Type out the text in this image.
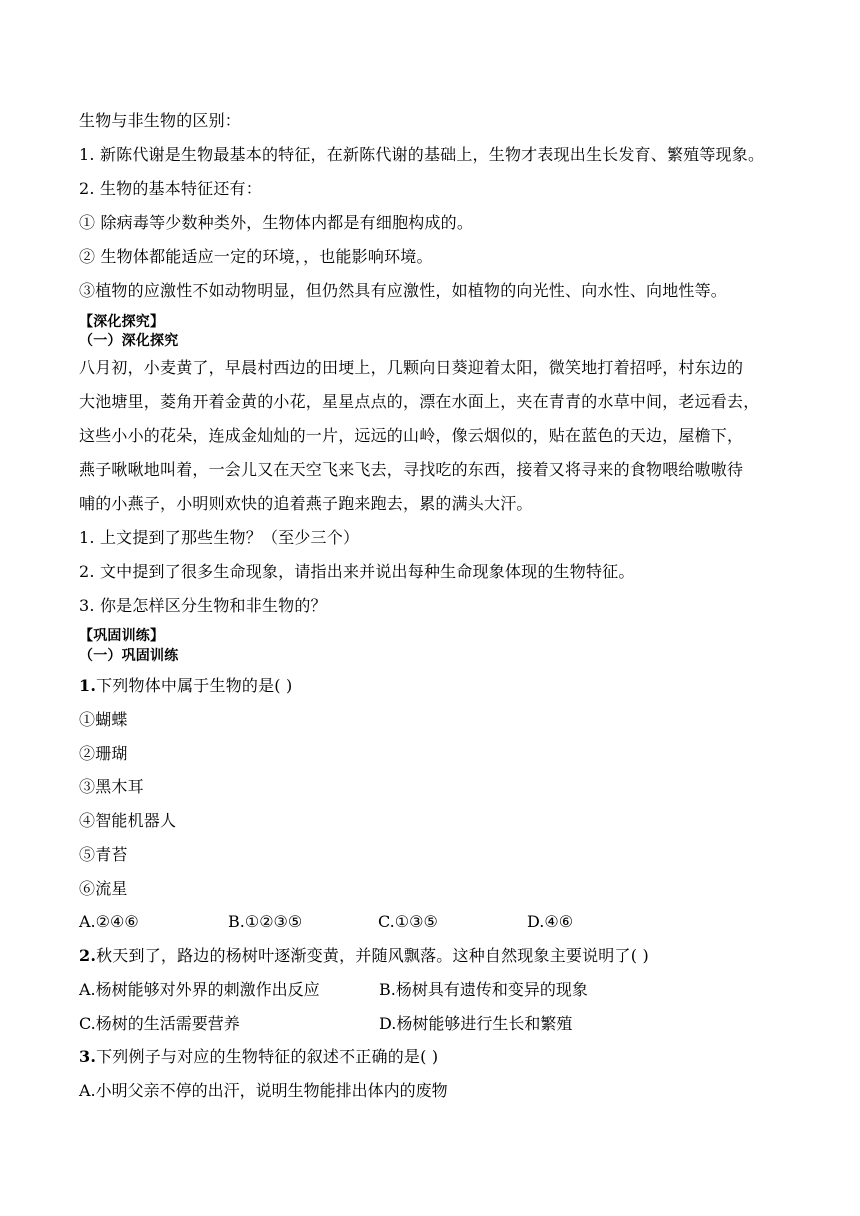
生物与非生物的区别：

1. 新陈代谢是生物最基本的特征，在新陈代谢的基础上，生物才表现出生长发育、繁殖等现象。

2. 生物的基本特征还有：

① 除病毒等少数种类外，生物体内都是有细胞构成的。

② 生物体都能适应一定的环境，，也能影响环境。

③植物的应激性不如动物明显，但仍然具有应激性，如植物的向光性、向水性、向地性等。

【深化探究】

（一）深化探究

八月初，小麦黄了，早晨村西边的田埂上，几颗向日葵迎着太阳，微笑地打着招呼，村东边的

大池塘里，菱角开着金黄的小花，星星点点的，漂在水面上，夹在青青的水草中间，老远看去，

这些小小的花朵，连成金灿灿的一片，远远的山岭，像云烟似的，贴在蓝色的天边，屋檐下，

燕子啾啾地叫着，一会儿又在天空飞来飞去，寻找吃的东西，接着又将寻来的食物喂给嗷嗷待

哺的小燕子，小明则欢快的追着燕子跑来跑去，累的满头大汗。

1. 上文提到了那些生物？（至少三个）

2. 文中提到了很多生命现象，请指出来并说出每种生命现象体现的生物特征。

3. 你是怎样区分生物和非生物的？

【巩固训练】

（一）巩固训练

1.下列物体中属于生物的是( )

①蝴蝶

②珊瑚

③黑木耳

④智能机器人

⑤青苔

⑥流星

A.②④⑥	B.①②③⑤	C.①③⑤	D.④⑥

2.秋天到了，路边的杨树叶逐渐变黄，并随风飘落。这种自然现象主要说明了( )

A.杨树能够对外界的刺激作出反应	B.杨树具有遗传和变异的现象
C.杨树的生活需要营养	D.杨树能够进行生长和繁殖

3.下列例子与对应的生物特征的叙述不正确的是( )

A.小明父亲不停的出汗，说明生物能排出体内的废物
